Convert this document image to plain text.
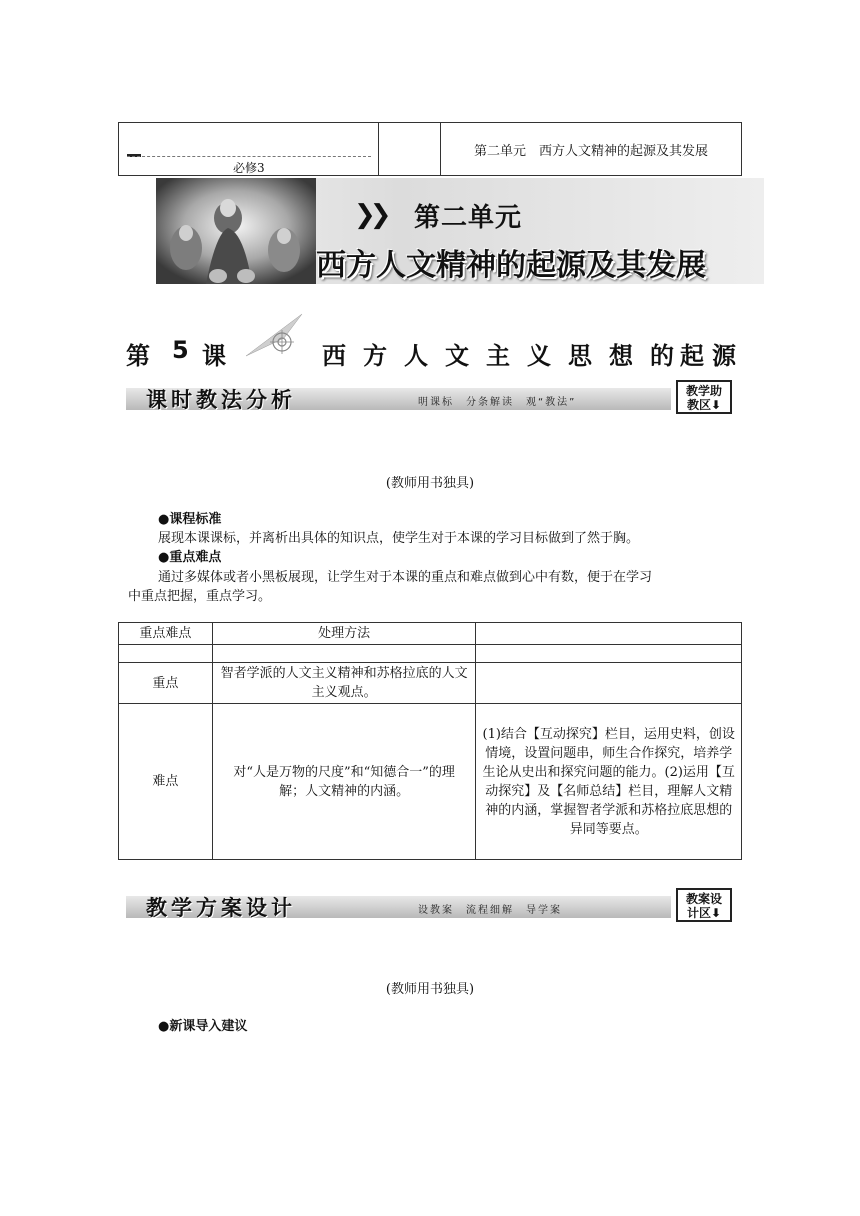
必修3
第二单元　西方人文精神的起源及其发展
❯❯ 第二单元
西方人文精神的起源及其发展
第 5 课	西 方 人 文 主 义 思 想 的 起 源
课时教法分析	明课标　分条解读　观“教法”
教学助
教区⬇
(教师用书独具)
●课程标准
展现本课课标，并离析出具体的知识点，使学生对于本课的学习目标做到了然于胸。
●重点难点
通过多媒体或者小黑板展现，让学生对于本课的重点和难点做到心中有数，便于在学习
中重点把握，重点学习。
重点难点	处理方法	

重点	智者学派的人文主义精神和苏格拉底的人文主义观点。	
难点	对“人是万物的尺度”和“知德合一”的理解；人文精神的内涵。	(1)结合【互动探究】栏目，运用史料，创设情境，设置问题串，师生合作探究，培养学生论从史出和探究问题的能力。(2)运用【互动探究】及【名师总结】栏目，理解人文精神的内涵，掌握智者学派和苏格拉底思想的异同等要点。
教学方案设计	设教案　流程细解　导学案
教案设
计区⬇
(教师用书独具)
●新课导入建议
